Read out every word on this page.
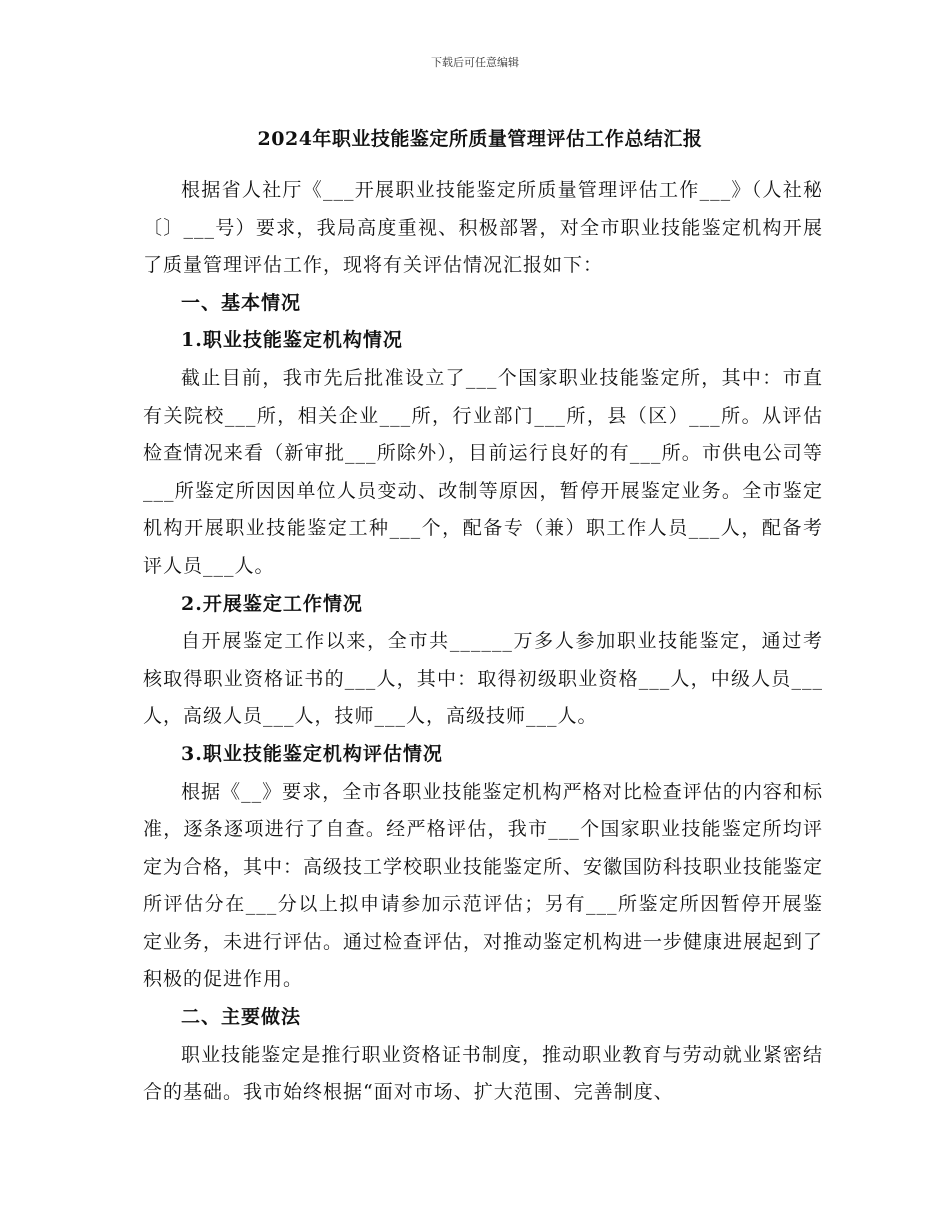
下载后可任意编辑
2024年职业技能鉴定所质量管理评估工作总结汇报

根据省人社厅《___开展职业技能鉴定所质量管理评估工作___》（人社秘〔〕___号）要求，我局高度重视、积极部署，对全市职业技能鉴定机构开展了质量管理评估工作，现将有关评估情况汇报如下：

一、基本情况

1.职业技能鉴定机构情况

截止目前，我市先后批准设立了___个国家职业技能鉴定所，其中：市直有关院校___所，相关企业___所，行业部门___所，县（区）___所。从评估检查情况来看（新审批___所除外），目前运行良好的有___所。市供电公司等___所鉴定所因因单位人员变动、改制等原因，暂停开展鉴定业务。全市鉴定机构开展职业技能鉴定工种___个，配备专（兼）职工作人员___人，配备考评人员___人。

2.开展鉴定工作情况

自开展鉴定工作以来，全市共______万多人参加职业技能鉴定，通过考核取得职业资格证书的___人，其中：取得初级职业资格___人，中级人员___人，高级人员___人，技师___人，高级技师___人。

3.职业技能鉴定机构评估情况

根据《__》要求，全市各职业技能鉴定机构严格对比检查评估的内容和标准，逐条逐项进行了自查。经严格评估，我市___个国家职业技能鉴定所均评定为合格，其中：高级技工学校职业技能鉴定所、安徽国防科技职业技能鉴定所评估分在___分以上拟申请参加示范评估；另有___所鉴定所因暂停开展鉴定业务，未进行评估。通过检查评估，对推动鉴定机构进一步健康进展起到了积极的促进作用。

二、主要做法

职业技能鉴定是推行职业资格证书制度，推动职业教育与劳动就业紧密结合的基础。我市始终根据“面对市场、扩大范围、完善制度、
